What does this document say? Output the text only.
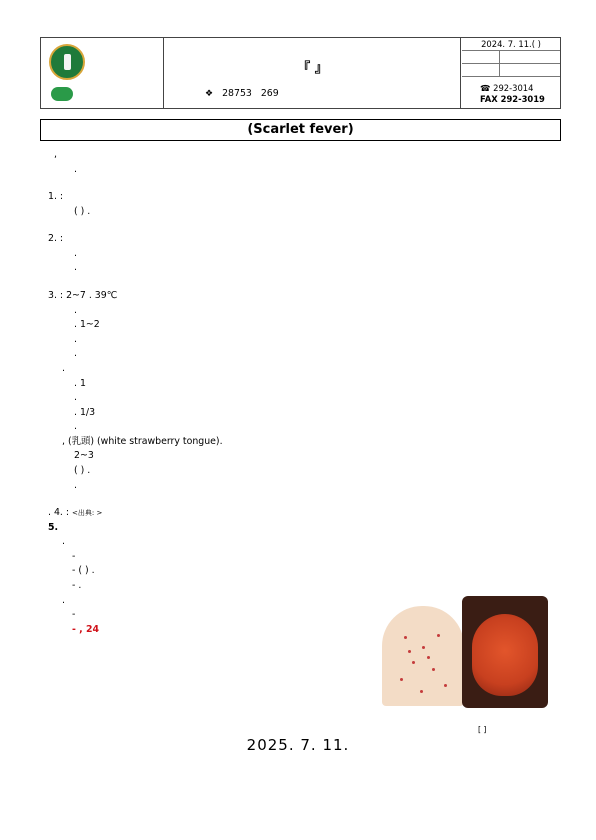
『 』
❖ 28753 269
2024. 7. 11.( )
☎ 292-3014
FAX 292-3019
(Scarlet fever)
,
.
1. :
( ) .
2. :
.
.
3. : 2~7 . 39℃
.
. 1~2
.
.
.
. 1
.
. 1/3
.
, (乳頭) (white strawberry tongue).
2~3
( ) .
.
. 4. : <出典: >
5.
.
-
- ( ) .
- .
.
-
- , 24
[ ]
2025. 7. 11.
